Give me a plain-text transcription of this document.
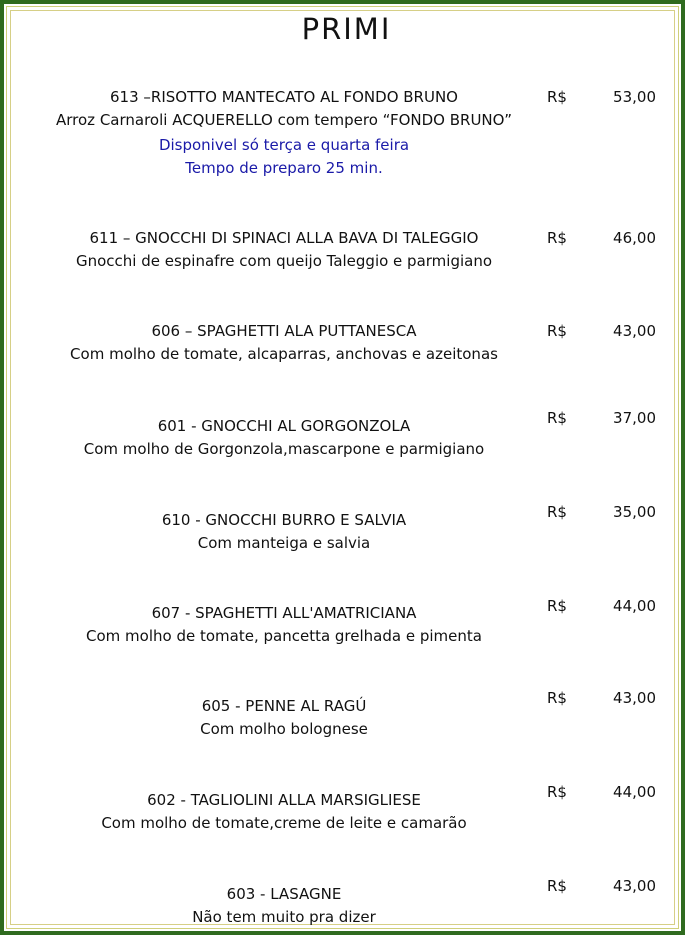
PRIMI
613 –RISOTTO MANTECATO AL FONDO BRUNO
Arroz Carnaroli ACQUERELLO com tempero “FONDO BRUNO”
Disponivel só terça e quarta feira
Tempo de preparo 25 min.
R$	53,00
611 – GNOCCHI DI SPINACI ALLA BAVA DI TALEGGIO
Gnocchi de espinafre com queijo Taleggio e parmigiano
R$	46,00
606 – SPAGHETTI ALA PUTTANESCA
Com molho de tomate, alcaparras, anchovas e azeitonas
R$	43,00
601 - GNOCCHI AL GORGONZOLA
Com molho de Gorgonzola,mascarpone e parmigiano
R$	37,00
610 - GNOCCHI BURRO E SALVIA
Com manteiga e salvia
R$	35,00
607 - SPAGHETTI ALL'AMATRICIANA
Com molho de tomate, pancetta grelhada e pimenta
R$	44,00
605 - PENNE AL RAGÚ
Com molho bolognese
R$	43,00
602 - TAGLIOLINI ALLA MARSIGLIESE
Com molho de tomate,creme de leite e camarão
R$	44,00
603 - LASAGNE
Não tem muito pra dizer
R$	43,00
